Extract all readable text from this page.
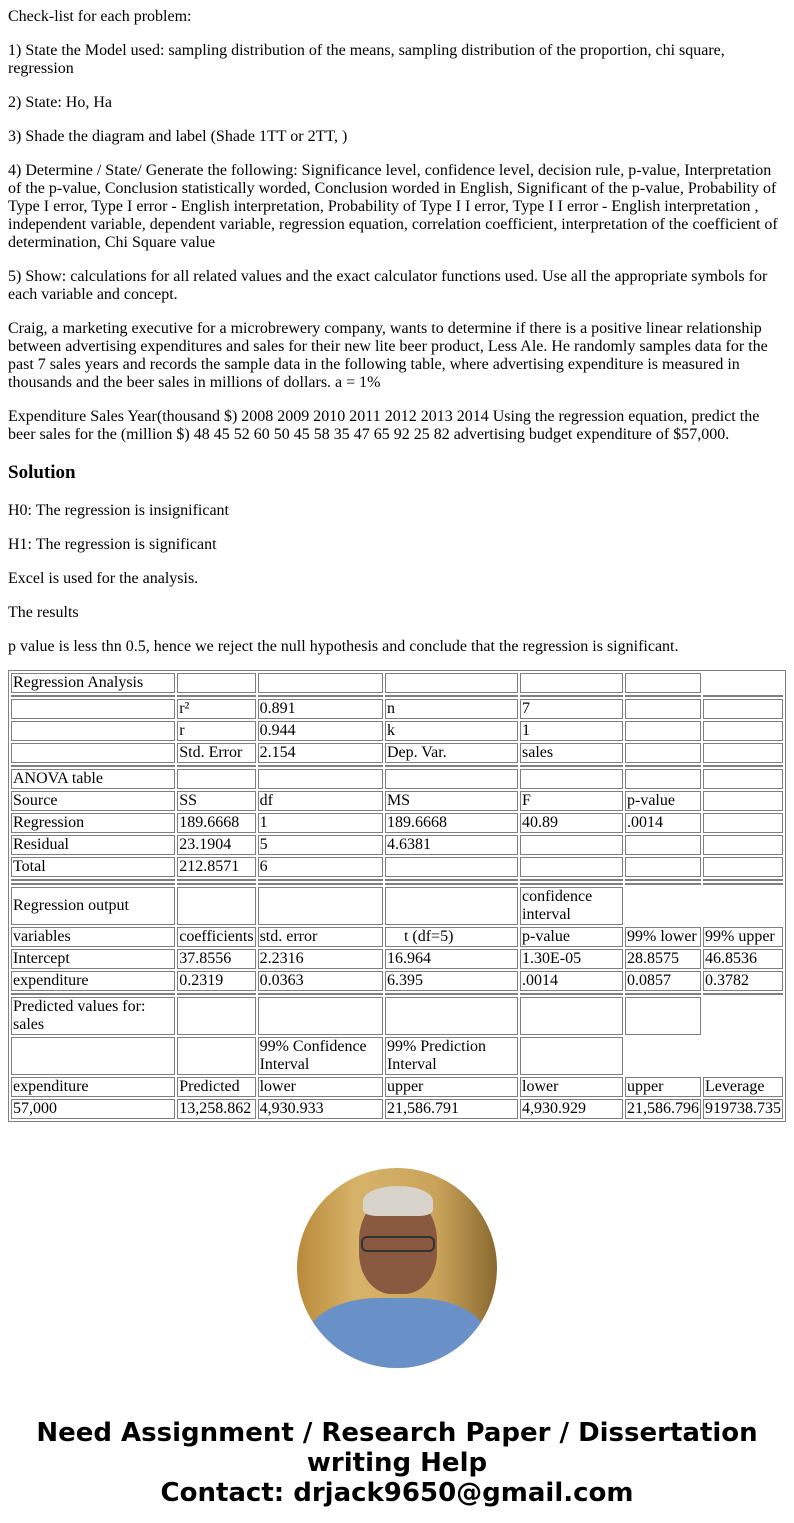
Check-list for each problem:

1) State the Model used: sampling distribution of the means, sampling distribution of the proportion, chi square, regression

2) State: Ho, Ha

3) Shade the diagram and label (Shade 1TT or 2TT, )

4) Determine / State/ Generate the following: Significance level, confidence level, decision rule, p-value, Interpretation of the p-value, Conclusion statistically worded, Conclusion worded in English, Significant of the p-value, Probability of Type I error, Type I error - English interpretation, Probability of Type I I error, Type I I error - English interpretation , independent variable, dependent variable, regression equation, correlation coefficient, interpretation of the coefficient of determination, Chi Square value

5) Show: calculations for all related values and the exact calculator functions used. Use all the appropriate symbols for each variable and concept.

Craig, a marketing executive for a microbrewery company, wants to determine if there is a positive linear relationship between advertising expenditures and sales for their new lite beer product, Less Ale. He randomly samples data for the past 7 sales years and records the sample data in the following table, where advertising expenditure is measured in thousands and the beer sales in millions of dollars. a = 1%

Expenditure Sales Year(thousand $) 2008 2009 2010 2011 2012 2013 2014 Using the regression equation, predict the beer sales for the (million $) 48 45 52 60 50 45 58 35 47 65 92 25 82 advertising budget expenditure of $57,000.

Solution

H0: The regression is insignificant

H1: The regression is significant

Excel is used for the analysis.

The results

p value is less thn 0.5, hence we reject the null hypothesis and conclude that the regression is significant.

Regression Analysis						

	r²	0.891	n	7		
	r	0.944	k	1		
	Std. Error	2.154	Dep. Var.	sales		

ANOVA table						
Source	SS	df	MS	F	p-value	
Regression	189.6668	1	189.6668	40.89	.0014	
Residual	23.1904	5	4.6381			
Total	212.8571	6				

Regression output				confidence interval		
variables	coefficients	std. error	t (df=5)	p-value	99% lower	99% upper
Intercept	37.8556	2.2316	16.964	1.30E-05	28.8575	46.8536
expenditure	0.2319	0.0363	6.395	.0014	0.0857	0.3782

Predicted values for: sales						
		99% Confidence Interval	99% Prediction Interval			
expenditure	Predicted	lower	upper	lower	upper	Leverage
57,000	13,258.862	4,930.933	21,586.791	4,930.929	21,586.796	919738.735
Need Assignment / Research Paper / Dissertation writing Help
Contact: drjack9650@gmail.com
